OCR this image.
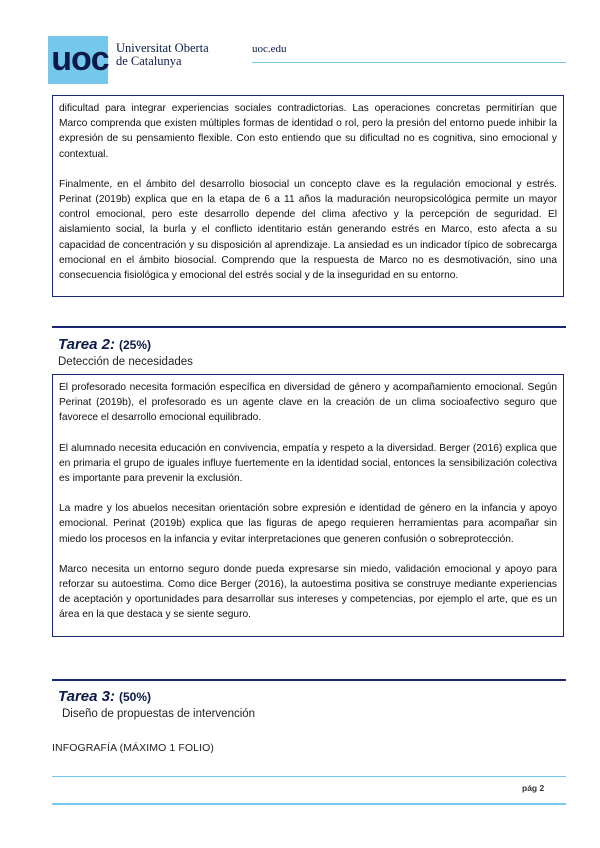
uoc Universitat Oberta
de Catalunya
uoc.edu

dificultad para integrar experiencias sociales contradictorias. Las operaciones concretas permitirían que Marco comprenda que existen múltiples formas de identidad o rol, pero la presión del entorno puede inhibir la expresión de su pensamiento flexible. Con esto entiendo que su dificultad no es cognitiva, sino emocional y contextual.

Finalmente, en el ámbito del desarrollo biosocial un concepto clave es la regulación emocional y estrés. Perinat (2019b) explica que en la etapa de 6 a 11 años la maduración neuropsicológica permite un mayor control emocional, pero este desarrollo depende del clima afectivo y la percepción de seguridad. El aislamiento social, la burla y el conflicto identitario están generando estrés en Marco, esto afecta a su capacidad de concentración y su disposición al aprendizaje. La ansiedad es un indicador típico de sobrecarga emocional en el ámbito biosocial. Comprendo que la respuesta de Marco no es desmotivación, sino una consecuencia fisiológica y emocional del estrés social y de la inseguridad en su entorno.

Tarea 2: (25%)
Detección de necesidades

El profesorado necesita formación específica en diversidad de género y acompañamiento emocional. Según Perinat (2019b), el profesorado es un agente clave en la creación de un clima socioafectivo seguro que favorece el desarrollo emocional equilibrado.

El alumnado necesita educación en convivencia, empatía y respeto a la diversidad. Berger (2016) explica que en primaria el grupo de iguales influye fuertemente en la identidad social, entonces la sensibilización colectiva es importante para prevenir la exclusión.

La madre y los abuelos necesitan orientación sobre expresión e identidad de género en la infancia y apoyo emocional. Perinat (2019b) explica que las figuras de apego requieren herramientas para acompañar sin miedo los procesos en la infancia y evitar interpretaciones que generen confusión o sobreprotección.

Marco necesita un entorno seguro donde pueda expresarse sin miedo, validación emocional y apoyo para reforzar su autoestima. Como dice Berger (2016), la autoestima positiva se construye mediante experiencias de aceptación y oportunidades para desarrollar sus intereses y competencias, por ejemplo el arte, que es un área en la que destaca y se siente seguro.

Tarea 3: (50%)
Diseño de propuestas de intervención
INFOGRAFÍA (MÁXIMO 1 FOLIO)
pág 2
